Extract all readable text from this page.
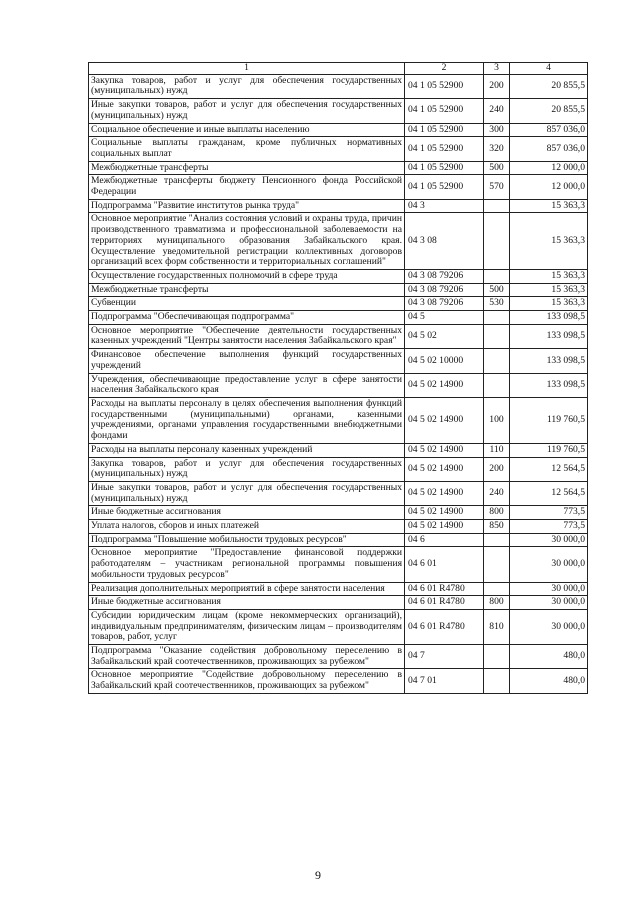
1	2	3	4
Закупка товаров, работ и услуг для обеспечения государственных (муниципальных) нужд	04 1 05 52900	200	20 855,5
Иные закупки товаров, работ и услуг для обеспечения государственных (муниципальных) нужд	04 1 05 52900	240	20 855,5
Социальное обеспечение и иные выплаты населению	04 1 05 52900	300	857 036,0
Социальные выплаты гражданам, кроме публичных нормативных социальных выплат	04 1 05 52900	320	857 036,0
Межбюджетные трансферты	04 1 05 52900	500	12 000,0
Межбюджетные трансферты бюджету Пенсионного фонда Российской Федерации	04 1 05 52900	570	12 000,0
Подпрограмма "Развитие институтов рынка труда"	04 3		15 363,3
Основное мероприятие "Анализ состояния условий и охраны труда, причин производственного травматизма и профессиональной заболеваемости на территориях муниципального образования Забайкальского края. Осуществление уведомительной регистрации коллективных договоров организаций всех форм собственности и территориальных соглашений"	04 3 08		15 363,3
Осуществление государственных полномочий в сфере труда	04 3 08 79206		15 363,3
Межбюджетные трансферты	04 3 08 79206	500	15 363,3
Субвенции	04 3 08 79206	530	15 363,3
Подпрограмма "Обеспечивающая подпрограмма"	04 5		133 098,5
Основное мероприятие "Обеспечение деятельности государственных казенных учреждений "Центры занятости населения Забайкальского края"	04 5 02		133 098,5
Финансовое обеспечение выполнения функций государственных учреждений	04 5 02 10000		133 098,5
Учреждения, обеспечивающие предоставление услуг в сфере занятости населения Забайкальского края	04 5 02 14900		133 098,5
Расходы на выплаты персоналу в целях обеспечения выполнения функций государственными (муниципальными) органами, казенными учреждениями, органами управления государственными внебюджетными фондами	04 5 02 14900	100	119 760,5
Расходы на выплаты персоналу казенных учреждений	04 5 02 14900	110	119 760,5
Закупка товаров, работ и услуг для обеспечения государственных (муниципальных) нужд	04 5 02 14900	200	12 564,5
Иные закупки товаров, работ и услуг для обеспечения государственных (муниципальных) нужд	04 5 02 14900	240	12 564,5
Иные бюджетные ассигнования	04 5 02 14900	800	773,5
Уплата налогов, сборов и иных платежей	04 5 02 14900	850	773,5
Подпрограмма "Повышение мобильности трудовых ресурсов"	04 6		30 000,0
Основное мероприятие "Предоставление финансовой поддержки работодателям – участникам региональной программы повышения мобильности трудовых ресурсов"	04 6 01		30 000,0
Реализация дополнительных мероприятий в сфере занятости населения	04 6 01 R4780		30 000,0
Иные бюджетные ассигнования	04 6 01 R4780	800	30 000,0
Субсидии юридическим лицам (кроме некоммерческих организаций), индивидуальным предпринимателям, физическим лицам – производителям товаров, работ, услуг	04 6 01 R4780	810	30 000,0
Подпрограмма "Оказание содействия добровольному переселению в Забайкальский край соотечественников, проживающих за рубежом"	04 7		480,0
Основное мероприятие "Содействие добровольному переселению в Забайкальский край соотечественников, проживающих за рубежом"	04 7 01		480,0
9
